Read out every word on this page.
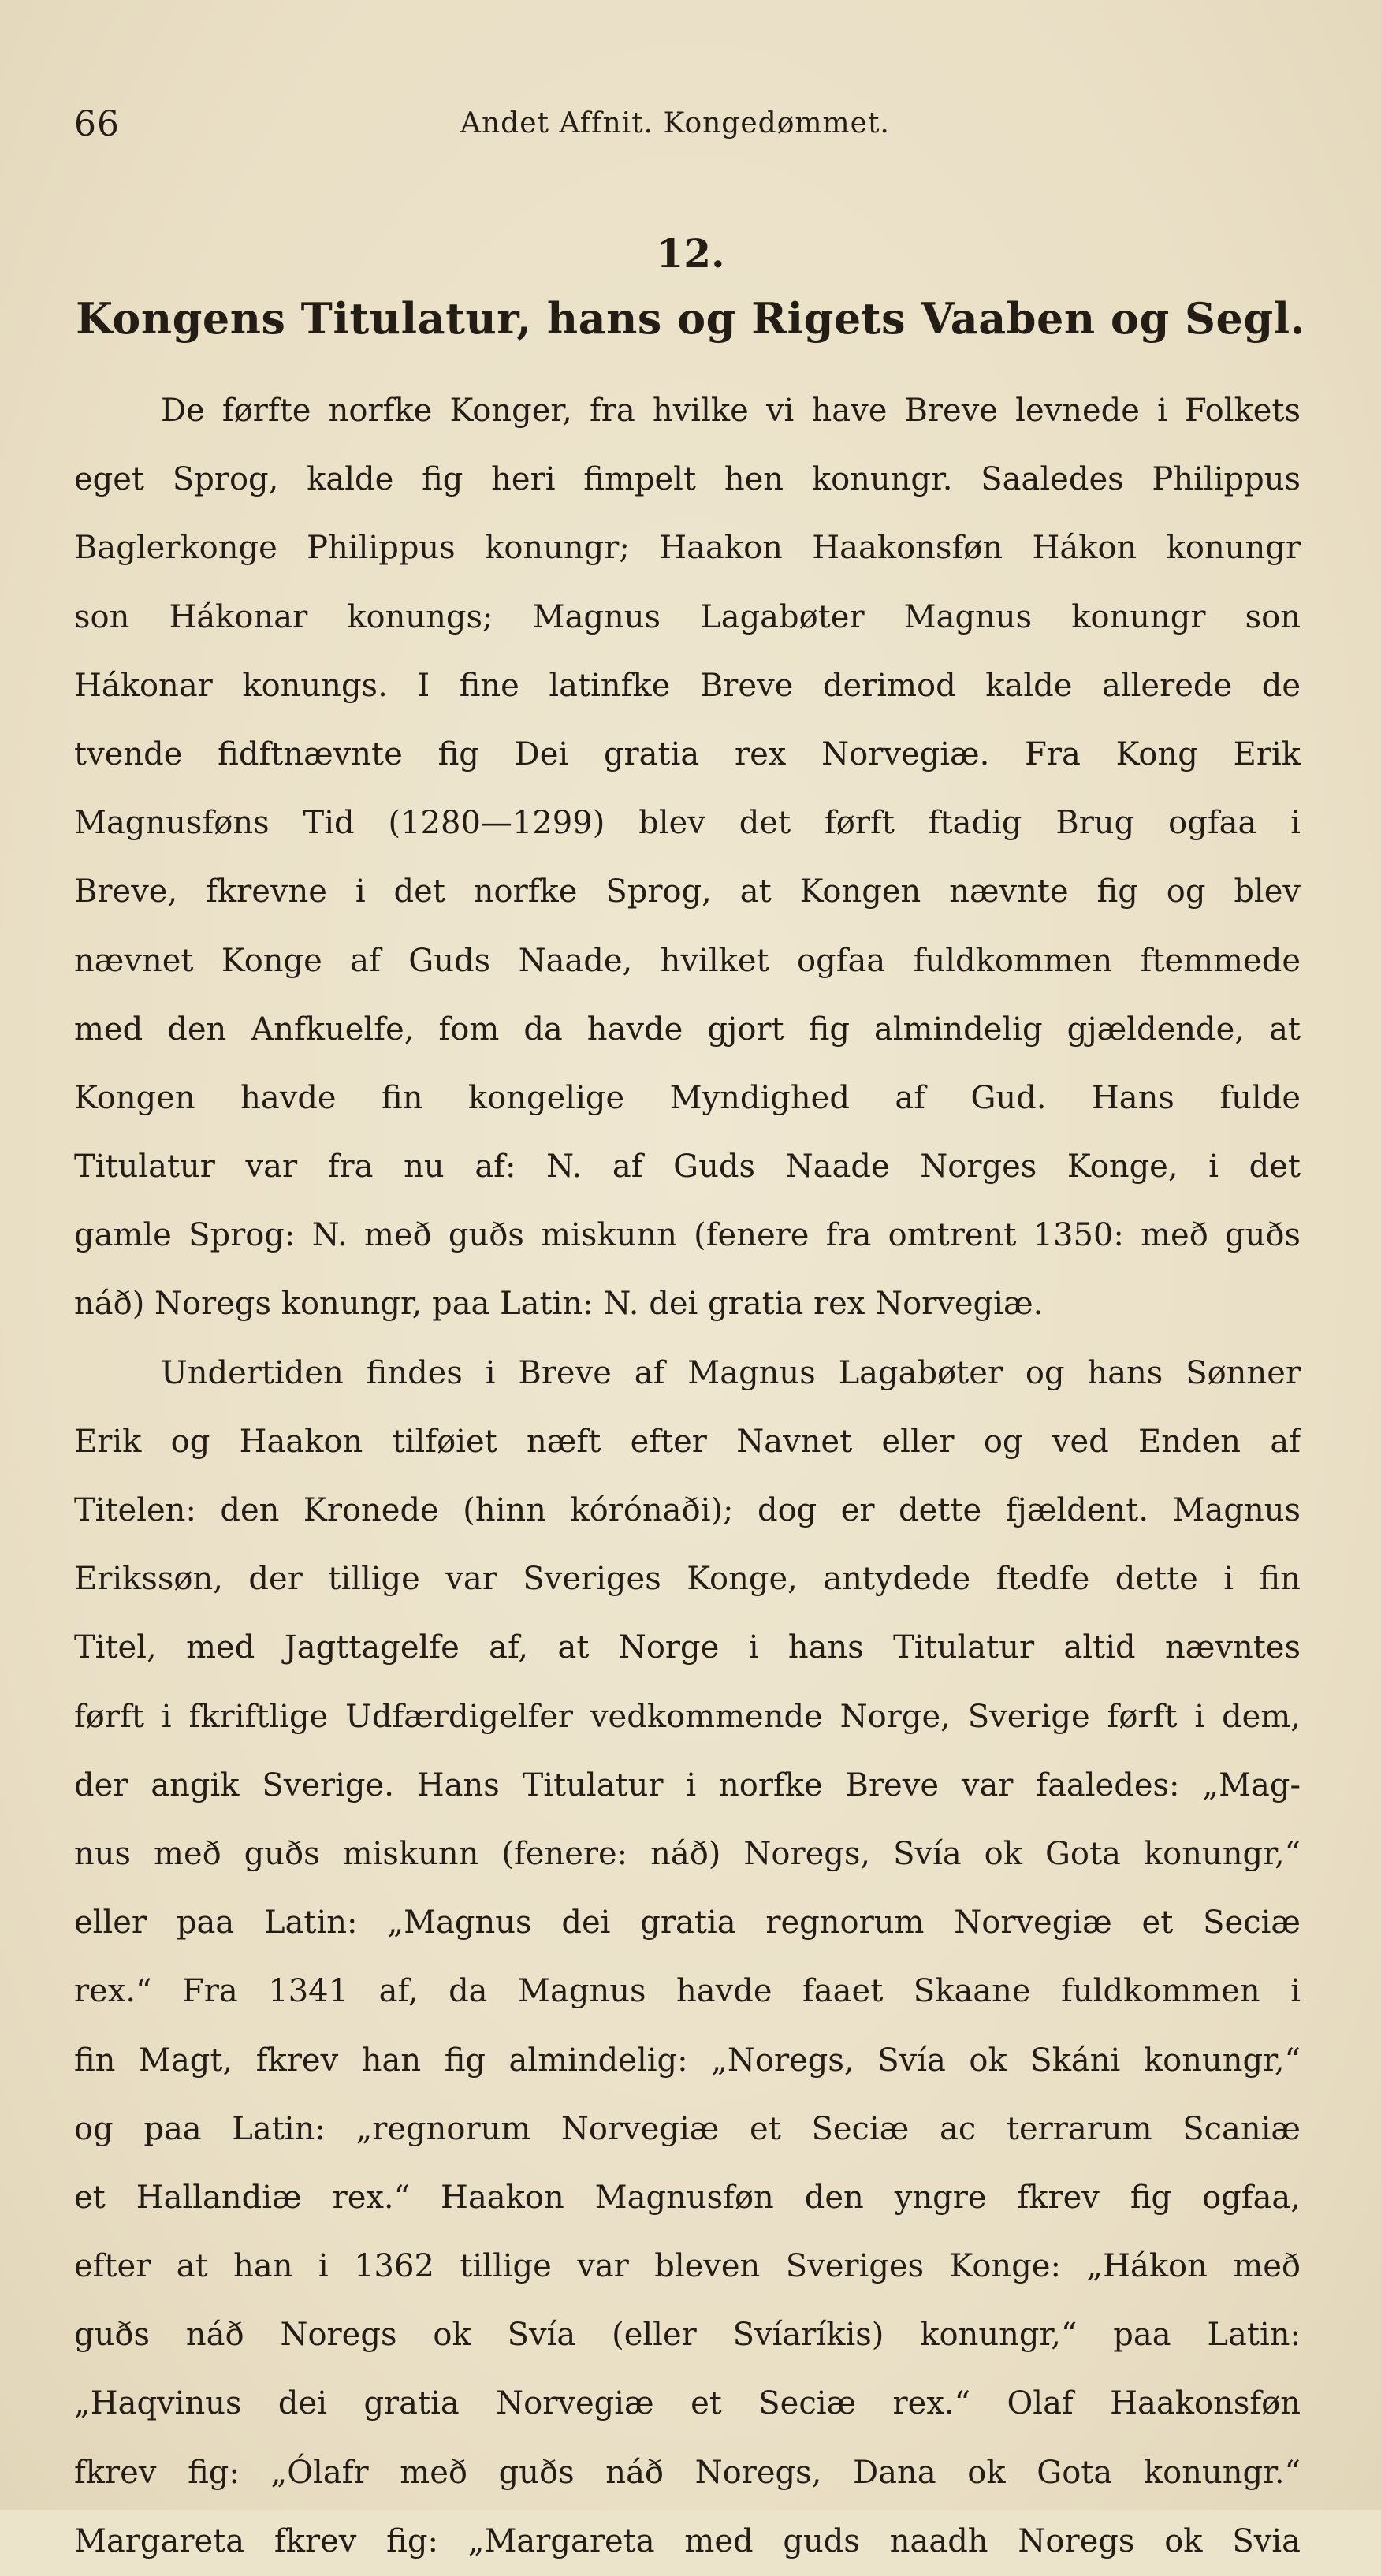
66	Andet Affnit. Kongedømmet.
12.
Kongens Titulatur, hans og Rigets Vaaben og Segl.
De førfte norfke Konger, fra hvilke vi have Breve levnede i Folkets
eget Sprog, kalde fig heri fimpelt hen konungr. Saaledes Philippus
Baglerkonge Philippus konungr; Haakon Haakonsføn Hákon konungr
son Hákonar konungs; Magnus Lagabøter Magnus konungr son
Hákonar konungs. I fine latinfke Breve derimod kalde allerede de
tvende fidftnævnte fig Dei gratia rex Norvegiæ. Fra Kong Erik
Magnusføns Tid (1280—1299) blev det førft ftadig Brug ogfaa i
Breve, fkrevne i det norfke Sprog, at Kongen nævnte fig og blev
nævnet Konge af Guds Naade, hvilket ogfaa fuldkommen ftemmede
med den Anfkuelfe, fom da havde gjort fig almindelig gjældende, at
Kongen havde fin kongelige Myndighed af Gud. Hans fulde
Titulatur var fra nu af: N. af Guds Naade Norges Konge, i det
gamle Sprog: N. með guðs miskunn (fenere fra omtrent 1350: með guðs
náð) Noregs konungr, paa Latin: N. dei gratia rex Norvegiæ.
Undertiden findes i Breve af Magnus Lagabøter og hans Sønner
Erik og Haakon tilføiet næft efter Navnet eller og ved Enden af
Titelen: den Kronede (hinn kórónaði); dog er dette fjældent. Magnus
Erikssøn, der tillige var Sveriges Konge, antydede ftedfe dette i fin
Titel, med Jagttagelfe af, at Norge i hans Titulatur altid nævntes
førft i fkriftlige Udfærdigelfer vedkommende Norge, Sverige førft i dem,
der angik Sverige. Hans Titulatur i norfke Breve var faaledes: „Mag-
nus með guðs miskunn (fenere: náð) Noregs, Svía ok Gota konungr,“
eller paa Latin: „Magnus dei gratia regnorum Norvegiæ et Seciæ
rex.“ Fra 1341 af, da Magnus havde faaet Skaane fuldkommen i
fin Magt, fkrev han fig almindelig: „Noregs, Svía ok Skáni konungr,“
og paa Latin: „regnorum Norvegiæ et Seciæ ac terrarum Scaniæ
et Hallandiæ rex.“ Haakon Magnusføn den yngre fkrev fig ogfaa,
efter at han i 1362 tillige var bleven Sveriges Konge: „Hákon með
guðs náð Noregs ok Svía (eller Svíaríkis) konungr,“ paa Latin:
„Haqvinus dei gratia Norvegiæ et Seciæ rex.“ Olaf Haakonsføn
fkrev fig: „Ólafr með guðs náð Noregs, Dana ok Gota konungr.“
Margareta fkrev fig: „Margareta med guds naadh Noregs ok Svia
